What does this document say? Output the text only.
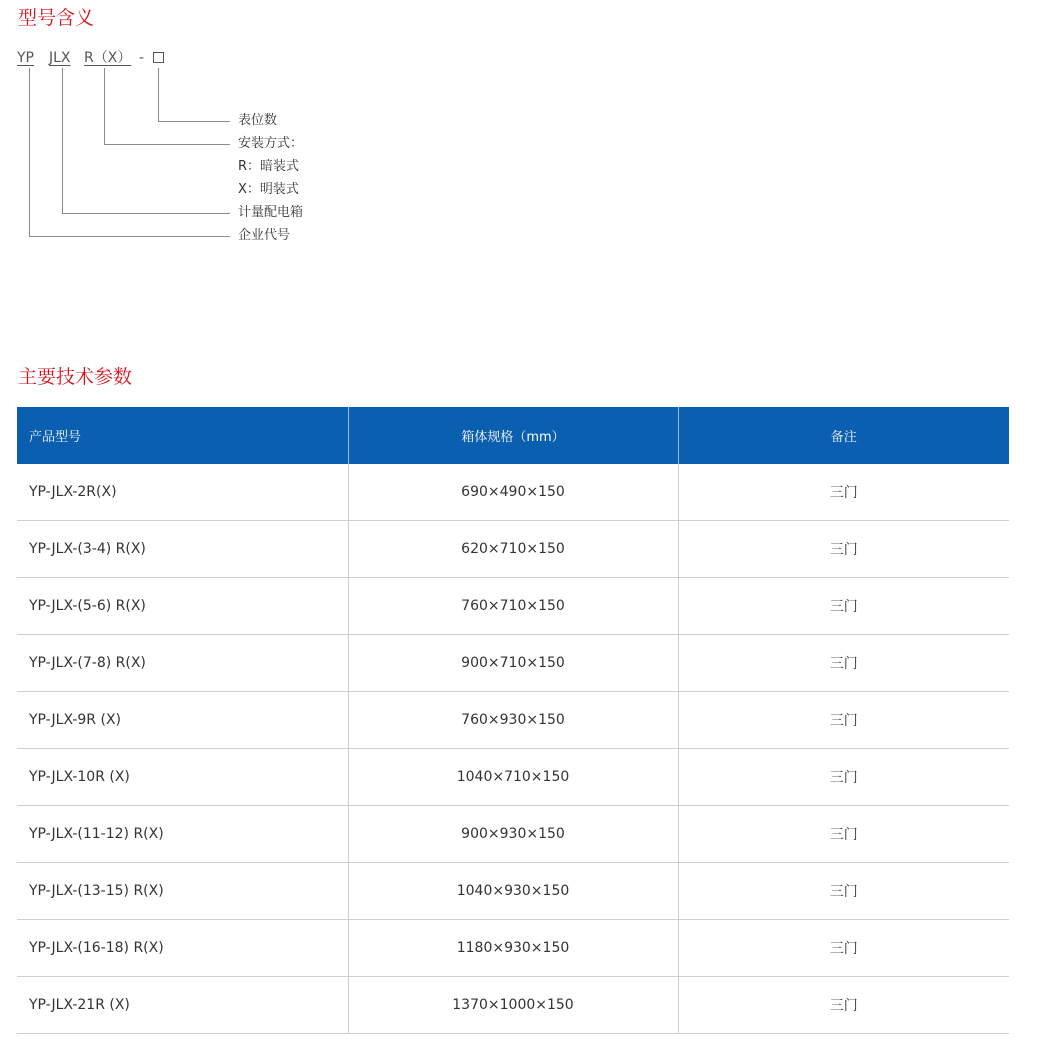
型号含义
YP JLX R（X） -
表位数
安装方式：
R：暗装式
X：明装式
计量配电箱
企业代号
主要技术参数
产品型号	箱体规格（mm）	备注
YP-JLX-2R(X)	690×490×150	三门
YP-JLX-(3-4) R(X)	620×710×150	三门
YP-JLX-(5-6) R(X)	760×710×150	三门
YP-JLX-(7-8) R(X)	900×710×150	三门
YP-JLX-9R (X)	760×930×150	三门
YP-JLX-10R (X)	1040×710×150	三门
YP-JLX-(11-12) R(X)	900×930×150	三门
YP-JLX-(13-15) R(X)	1040×930×150	三门
YP-JLX-(16-18) R(X)	1180×930×150	三门
YP-JLX-21R (X)	1370×1000×150	三门
